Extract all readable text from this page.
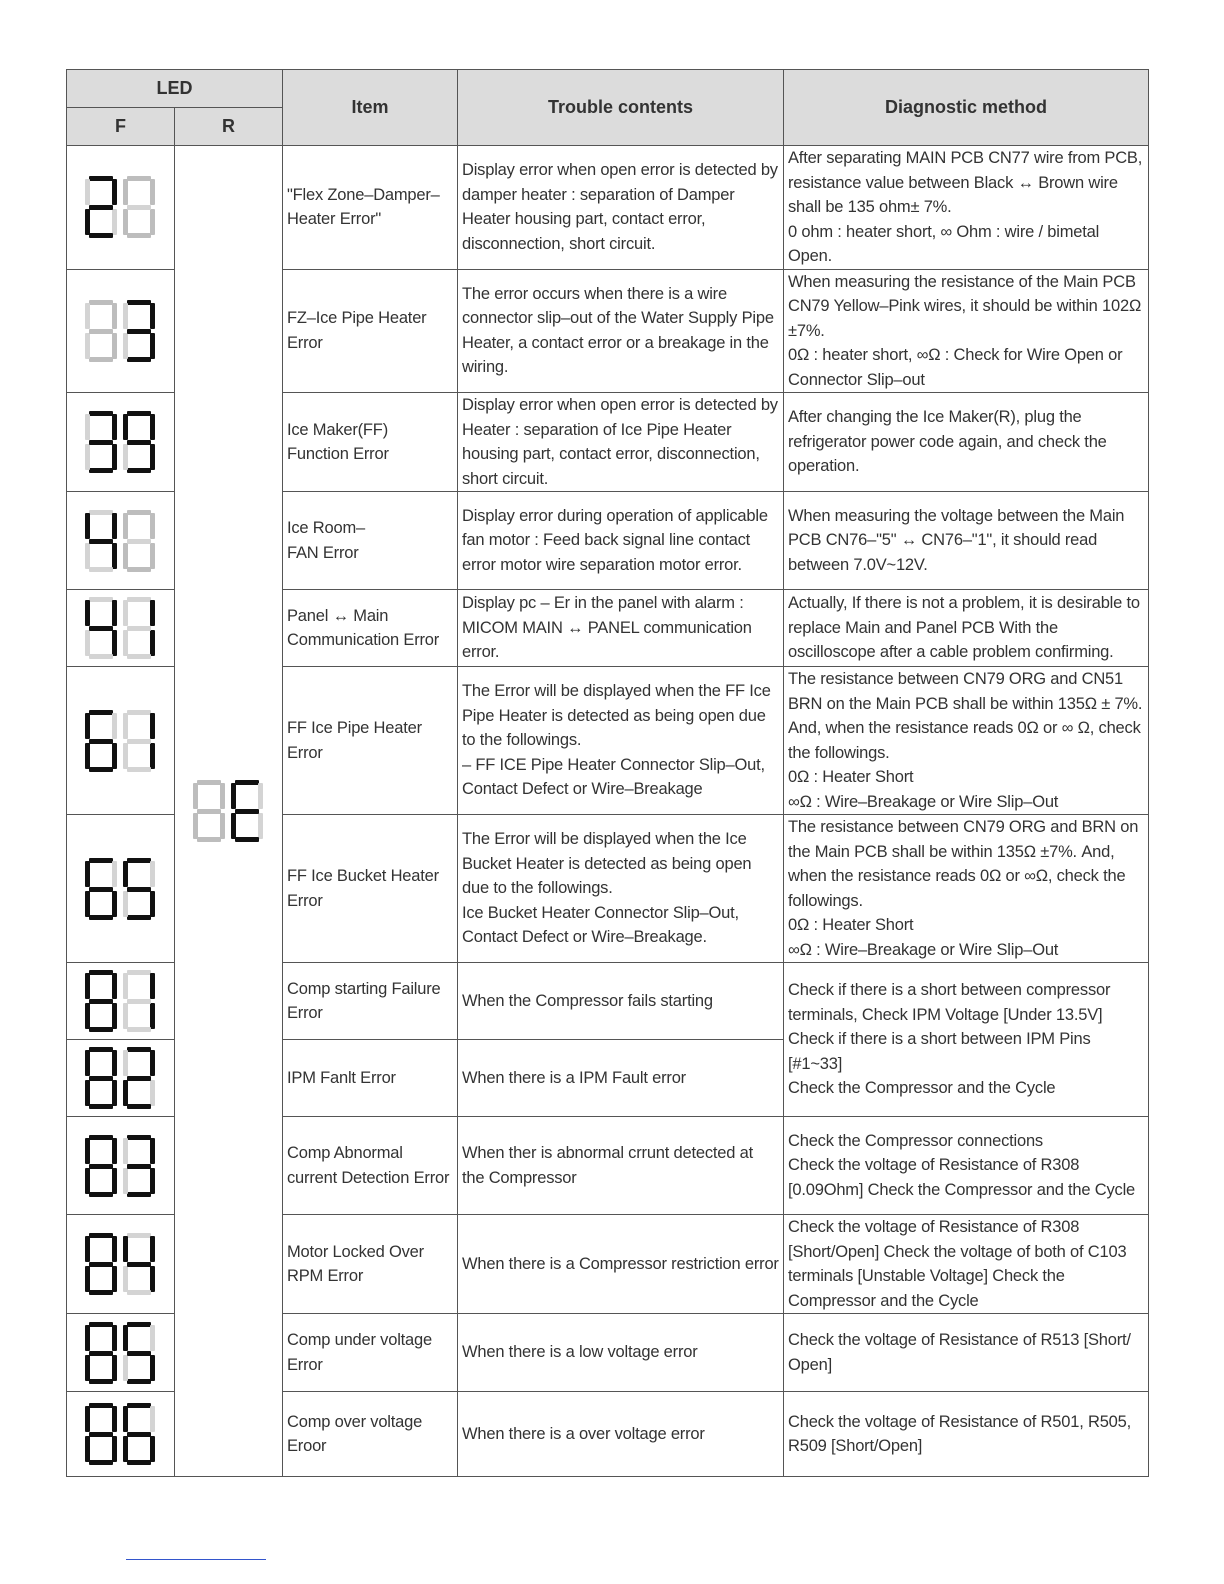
LED		Item	Trouble contents	Diagnostic method
F	R			
		"Flex Zone–Damper–Heater Error"	Display error when open error is detected by damper heater : separation of Damper Heater housing part, contact error, disconnection, short circuit.	After separating MAIN PCB CN77 wire from PCB, resistance value between Black ↔ Brown wire shall be 135 ohm± 7%.
0 ohm : heater short, ∞ Ohm : wire / bimetal Open.
	FZ–Ice Pipe Heater Error	The error occurs when there is a wire connector slip–out of the Water Supply Pipe Heater, a contact error or a breakage in the wiring.	When measuring the resistance of the Main PCB CN79 Yellow–Pink wires, it should be within 102Ω ±7%.
0Ω : heater short, ∞Ω : Check for Wire Open or Connector Slip–out
	Ice Maker(FF)
Function Error	Display error when open error is detected by Heater : separation of Ice Pipe Heater housing part, contact error, disconnection, short circuit.	After changing the Ice Maker(R), plug the refrigerator power code again, and check the operation.
	Ice Room–
FAN Error	Display error during operation of applicable fan motor : Feed back signal line contact error motor wire separation motor error.	When measuring the voltage between the Main PCB CN76–"5" ↔ CN76–"1", it should read between 7.0V~12V.
	Panel ↔ Main Communication Error	Display pc – Er in the panel with alarm : MICOM MAIN ↔ PANEL communication error.	Actually, If there is not a problem, it is desirable to replace Main and Panel PCB With the oscilloscope after a cable problem confirming.
	FF Ice Pipe Heater Error	The Error will be displayed when the FF Ice Pipe Heater is detected as being open due to the followings.
– FF ICE Pipe Heater Connector Slip–Out, Contact Defect or Wire–Breakage	The resistance between CN79 ORG and CN51 BRN on the Main PCB shall be within 135Ω ± 7%. And, when the resistance reads 0Ω or ∞ Ω, check the followings.
0Ω : Heater Short
∞Ω : Wire–Breakage or Wire Slip–Out
	FF Ice Bucket Heater Error	The Error will be displayed when the Ice Bucket Heater is detected as being open due to the followings.
Ice Bucket Heater Connector Slip–Out, Contact Defect or Wire–Breakage.	The resistance between CN79 ORG and BRN on the Main PCB shall be within 135Ω ±7%. And, when the resistance reads 0Ω or ∞Ω, check the followings.
0Ω : Heater Short
∞Ω : Wire–Breakage or Wire Slip–Out
	Comp starting Failure Error	When the Compressor fails starting	Check if there is a short between compressor terminals, Check IPM Voltage [Under 13.5V]
Check if there is a short between IPM Pins [#1~33]
Check the Compressor and the Cycle
	IPM Fanlt Error	When there is a IPM Fault error	
	Comp Abnormal current Detection Error	When ther is abnormal crrunt detected at the Compressor	Check the Compressor connections
Check the voltage of Resistance of R308 [0.09Ohm] Check the Compressor and the Cycle
	Motor Locked Over RPM Error	When there is a Compressor restriction error	Check the voltage of Resistance of R308 [Short/Open] Check the voltage of both of C103 terminals [Unstable Voltage] Check the Compressor and the Cycle
	Comp under voltage Error	When there is a low voltage error	Check the voltage of Resistance of R513 [Short/ Open]
	Comp over voltage Eroor	When there is a over voltage error	Check the voltage of Resistance of R501, R505, R509 [Short/Open]
